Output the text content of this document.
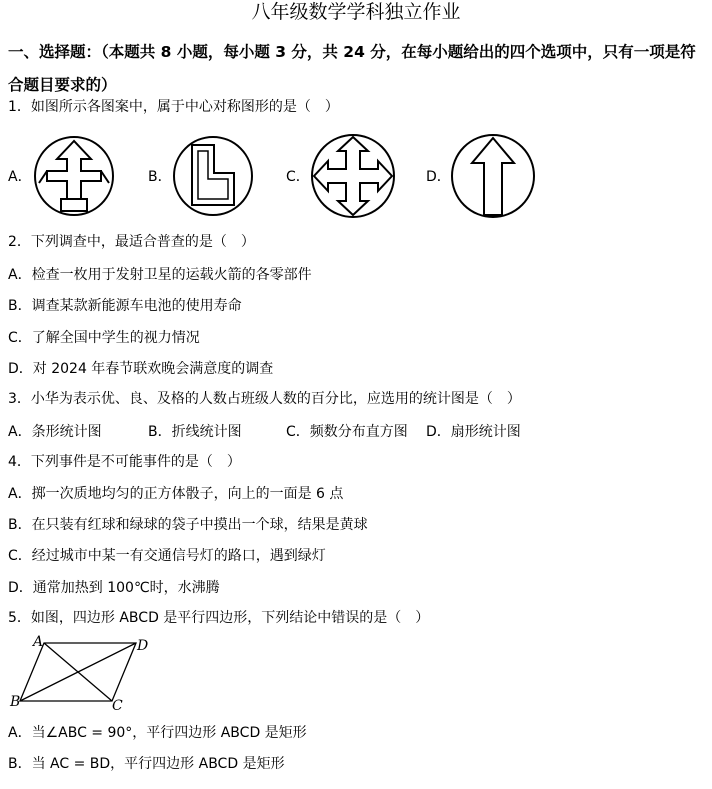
八年级数学学科独立作业
一、选择题：（本题共 8 小题，每小题 3 分，共 24 分，在每小题给出的四个选项中，只有一项是符合题目要求的）
1．如图所示各图案中，属于中心对称图形的是（　）
A．	B．	C．	D．
2．下列调查中，最适合普查的是（　）
A．检查一枚用于发射卫星的运载火箭的各零部件
B．调查某款新能源车电池的使用寿命
C．了解全国中学生的视力情况
D．对 2024 年春节联欢晚会满意度的调查
3．小华为表示优、良、及格的人数占班级人数的百分比，应选用的统计图是（　）
A．条形统计图	B．折线统计图	C．频数分布直方图 D．扇形统计图
4．下列事件是不可能事件的是（　）
A．掷一次质地均匀的正方体骰子，向上的一面是 6 点
B．在只装有红球和绿球的袋子中摸出一个球，结果是黄球
C．经过城市中某一有交通信号灯的路口，遇到绿灯
D．通常加热到 100℃时，水沸腾
5．如图，四边形 ABCD 是平行四边形，下列结论中错误的是（　）
A	D
B	C
A．当∠ABC = 90°，平行四边形 ABCD 是矩形
B．当 AC = BD，平行四边形 ABCD 是矩形
